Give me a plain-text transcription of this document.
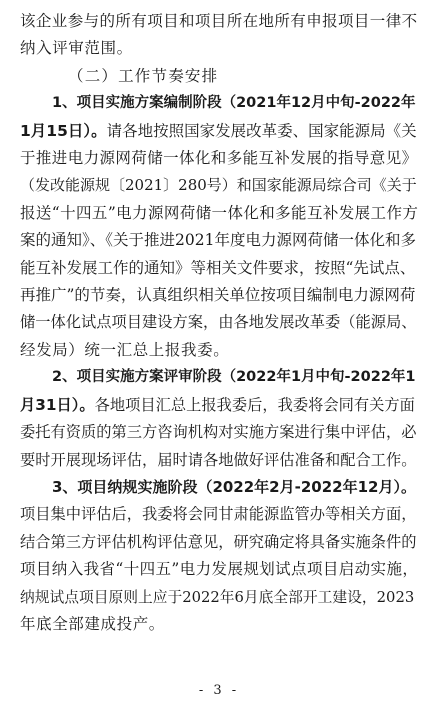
该企业参与的所有项目和项目所在地所有申报项目一律不
纳入评审范围。
（二）工作节奏安排
1、项目实施方案编制阶段（2021年12月中旬-2022年
1月15日）。请各地按照国家发展改革委、国家能源局《关
于推进电力源网荷储一体化和多能互补发展的指导意见》
（发改能源规〔2021〕280号）和国家能源局综合司《关于
报送“十四五”电力源网荷储一体化和多能互补发展工作方
案的通知》、《关于推进2021年度电力源网荷储一体化和多
能互补发展工作的通知》等相关文件要求，按照“先试点、
再推广”的节奏，认真组织相关单位按项目编制电力源网荷
储一体化试点项目建设方案，由各地发展改革委（能源局、
经发局）统一汇总上报我委。
2、项目实施方案评审阶段（2022年1月中旬-2022年1
月31日）。各地项目汇总上报我委后，我委将会同有关方面
委托有资质的第三方咨询机构对实施方案进行集中评估，必
要时开展现场评估，届时请各地做好评估准备和配合工作。
3、项目纳规实施阶段（2022年2月-2022年12月）。
项目集中评估后，我委将会同甘肃能源监管办等相关方面，
结合第三方评估机构评估意见，研究确定将具备实施条件的
项目纳入我省“十四五”电力发展规划试点项目启动实施，
纳规试点项目原则上应于2022年6月底全部开工建设，2023
年底全部建成投产。
- 3 -
